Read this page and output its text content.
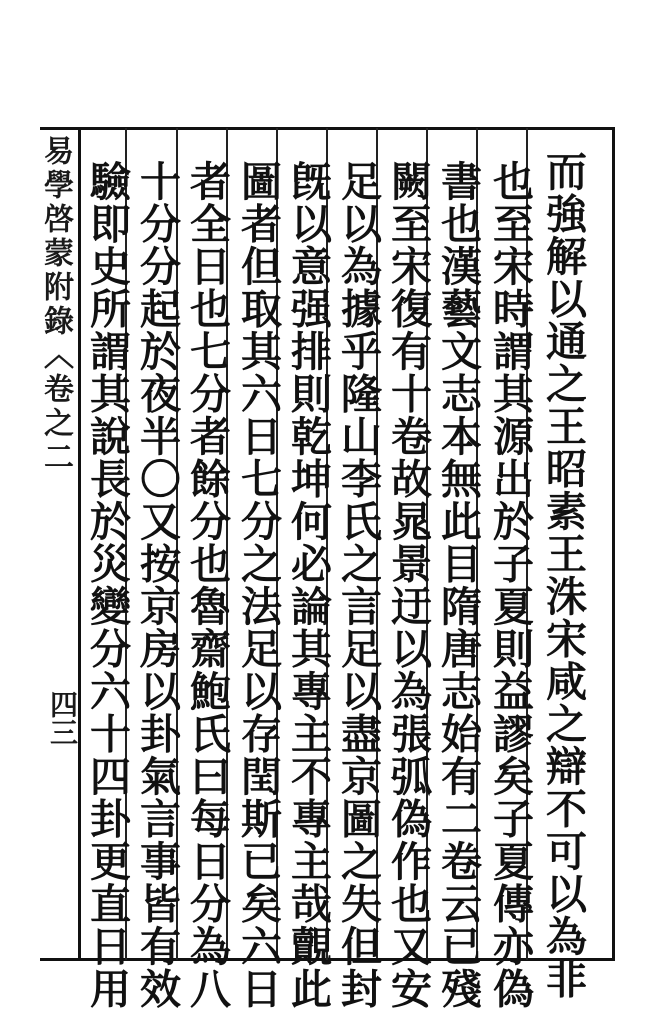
而強解以通之王昭素王洙宋咸之辯不可以為非
也至宋時謂其源出於子夏則益謬矣子夏傳亦偽
書也漢藝文志本無此目隋唐志始有二卷云已殘
闕至宋復有十卷故晁景迂以為張弧偽作也又安
足以為據乎隆山李氏之言足以盡京圖之失但封
旣以意强排則乾坤何必論其專主不專主哉覿此
圖者但取其六日七分之法足以存閏斯已矣六日
者全日也七分者餘分也魯齋鮑氏曰每日分為八
十分分起於夜半〇又按京房以卦氣言事皆有效
驗即史所謂其說長於災變分六十四卦更直日用
易學啓蒙附錄〈卷之二
四三
